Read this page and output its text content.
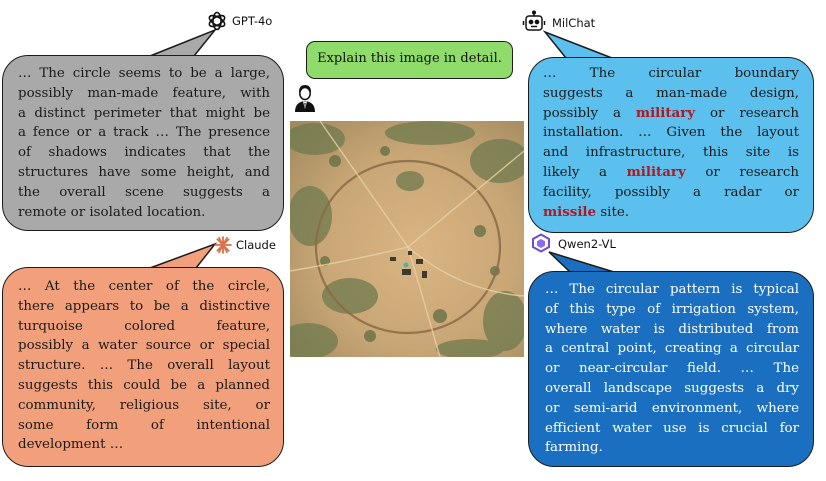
GPT-4o	MilChat
Claude	Qwen2-VL
… The circle seems to be a large,
possibly man-made feature, with
a distinct perimeter that might be
a fence or a track … The presence
of shadows indicates that the
structures have some height, and
the overall scene suggests a
remote or isolated location.
… At the center of the circle,
there appears to be a distinctive
turquoise colored feature,
possibly a water source or special
structure. … The overall layout
suggests this could be a planned
community, religious site, or
some form of intentional
development …
… The circular boundary
suggests a man-made design,
possibly a military or research
installation. … Given the layout
and infrastructure, this site is
likely a military or research
facility, possibly a radar or
missile site.
… The circular pattern is typical
of this type of irrigation system,
where water is distributed from
a central point, creating a circular
or near-circular field. … The
overall landscape suggests a dry
or semi-arid environment, where
efficient water use is crucial for
farming.
Explain this image in detail.
